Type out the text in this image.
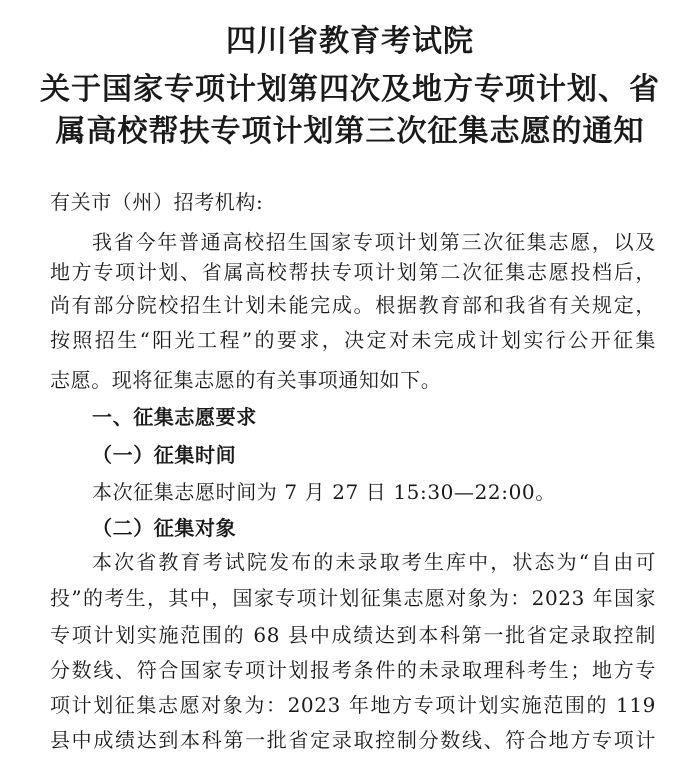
四川省教育考试院
关于国家专项计划第四次及地方专项计划、省
属高校帮扶专项计划第三次征集志愿的通知

有关市（州）招考机构:

我省今年普通高校招生国家专项计划第三次征集志愿，以及

地方专项计划、省属高校帮扶专项计划第二次征集志愿投档后，

尚有部分院校招生计划未能完成。根据教育部和我省有关规定，

按照招生“阳光工程”的要求，决定对未完成计划实行公开征集

志愿。现将征集志愿的有关事项通知如下。

一、征集志愿要求

（一）征集时间

本次征集志愿时间为 7 月 27 日 15:30—22:00。

（二）征集对象

本次省教育考试院发布的未录取考生库中，状态为“自由可

投”的考生，其中，国家专项计划征集志愿对象为：2023 年国家

专项计划实施范围的 68 县中成绩达到本科第一批省定录取控制

分数线、符合国家专项计划报考条件的未录取理科考生；地方专

项计划征集志愿对象为：2023 年地方专项计划实施范围的 119

县中成绩达到本科第一批省定录取控制分数线、符合地方专项计
